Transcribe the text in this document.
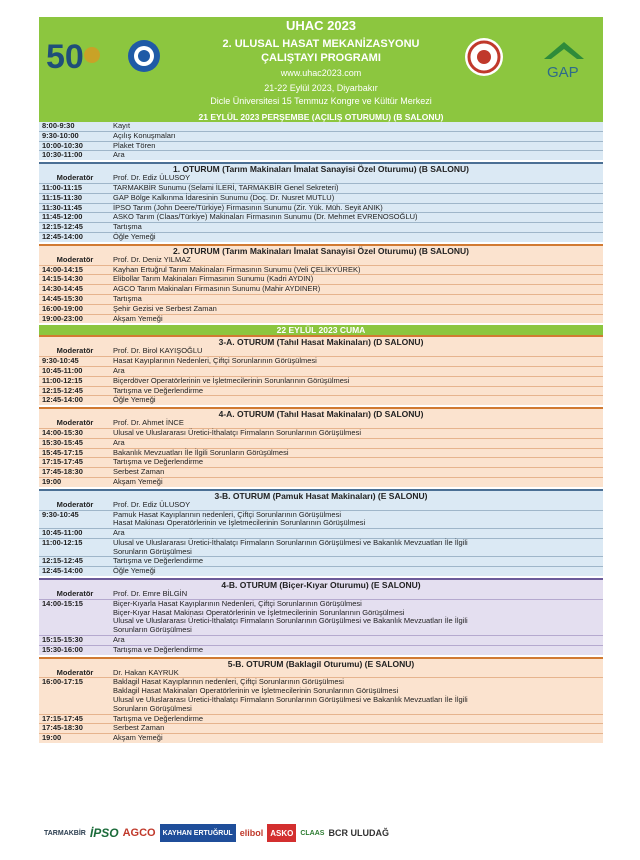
50	GAP
UHAC 2023
2. ULUSAL HASAT MEKANİZASYONU
ÇALIŞTAYI PROGRAMI
www.uhac2023.com
21-22 Eylül 2023, Diyarbakır
Dicle Üniversitesi 15 Temmuz Kongre ve Kültür Merkezi
21 EYLÜL 2023 PERŞEMBE (AÇILIŞ OTURUMU) (B SALONU)
8:00-9:30	Kayıt
9:30-10:00	Açılış Konuşmaları
10:00-10:30	Plaket Tören
10:30-11:00	Ara
1. OTURUM (Tarım Makinaları İmalat Sanayisi Özel Oturumu) (B SALONU)
Moderatör	Prof. Dr. Ediz ÜLUSOY
11:00-11:15	TARMAKBİR Sunumu (Selami İLERİ, TARMAKBİR Genel Sekreteri)
11:15-11:30	GAP Bölge Kalkınma İdaresinin Sunumu (Doç. Dr. Nusret MUTLU)
11:30-11:45	İPSO Tarım (John Deere/Türkiye) Firmasının Sunumu (Zir. Yük. Müh. Seyit ANIK)
11:45-12:00	ASKO Tarım (Claas/Türkiye) Makinaları Firmasının Sunumu (Dr. Mehmet EVRENOSOĞLU)
12:15-12:45	Tartışma
12:45-14:00	Öğle Yemeği
2. OTURUM (Tarım Makinaları İmalat Sanayisi Özel Oturumu) (B SALONU)
Moderatör	Prof. Dr. Deniz YILMAZ
14:00-14:15	Kayhan Ertuğrul Tarım Makinaları Firmasının Sunumu (Veli ÇELİKYÜREK)
14:15-14:30	Elibollar Tarım Makinaları Firmasının Sunumu (Kadri AYDIN)
14:30-14:45	AGCO Tarım Makinaları Firmasının Sunumu (Mahir AYDINER)
14:45-15:30	Tartışma
16:00-19:00	Şehir Gezisi ve Serbest Zaman
19:00-23:00	Akşam Yemeği
22 EYLÜL 2023 CUMA
3-A. OTURUM (Tahıl Hasat Makinaları) (D SALONU)
Moderatör	Prof. Dr. Birol KAYIŞOĞLU
9:30-10:45	Hasat Kayıplarının Nedenleri, Çiftçi Sorunlarının Görüşülmesi
10:45-11:00	Ara
11:00-12:15	Biçerdöver Operatörlerinin ve İşletmecilerinin Sorunlarının Görüşülmesi
12:15-12:45	Tartışma ve Değerlendirme
12:45-14:00	Öğle Yemeği
4-A. OTURUM (Tahıl Hasat Makinaları) (D SALONU)
Moderatör	Prof. Dr. Ahmet İNCE
14:00-15:30	Ulusal ve Uluslararası Üretici-İthalatçı Firmaların Sorunlarının Görüşülmesi
15:30-15:45	Ara
15:45-17:15	Bakanlık Mevzuatları İle İlgili Sorunların Görüşülmesi
17:15-17:45	Tartışma ve Değerlendirme
17:45-18:30	Serbest Zaman
19:00	Akşam Yemeği
3-B. OTURUM (Pamuk Hasat Makinaları) (E SALONU)
Moderatör	Prof. Dr. Ediz ÜLUSOY
9:30-10:45	Pamuk Hasat Kayıplarının nedenleri, Çiftçi Sorunlarının Görüşülmesi
Hasat Makinası Operatörlerinin ve İşletmecilerinin Sorunlarının Görüşülmesi
10:45-11:00	Ara
11:00-12:15	Ulusal ve Uluslararası Üretici-İthalatçı Firmaların Sorunlarının Görüşülmesi ve Bakanlık Mevzuatları İle İlgili
Sorunların Görüşülmesi
12:15-12:45	Tartışma ve Değerlendirme
12:45-14:00	Öğle Yemeği
4-B. OTURUM (Biçer-Kıyar Oturumu) (E SALONU)
Moderatör	Prof. Dr. Emre BİLGİN
14:00-15:15	Biçer-Kıyarla Hasat Kayıplarının Nedenleri, Çiftçi Sorunlarının Görüşülmesi
Biçer-Kıyar Hasat Makinası Operatörlerinin ve İşletmecilerinin Sorunlarının Görüşülmesi
Ulusal ve Uluslararası Üretici-İthalatçı Firmaların Sorunlarının Görüşülmesi ve Bakanlık Mevzuatları İle İlgili
Sorunların Görüşülmesi
15:15-15:30	Ara
15:30-16:00	Tartışma ve Değerlendirme
5-B. OTURUM (Baklagil Oturumu) (E SALONU)
Moderatör	Dr. Hakan KAYRUK
16:00-17:15	Baklagil Hasat Kayıplarının nedenleri, Çiftçi Sorunlarının Görüşülmesi
Baklagil Hasat Makinaları Operatörlerinin ve İşletmecilerinin Sorunlarının Görüşülmesi
Ulusal ve Uluslararası Üretici-İthalatçı Firmaların Sorunlarının Görüşülmesi ve Bakanlık Mevzuatları İle İlgili
Sorunların Görüşülmesi
17:15-17:45	Tartışma ve Değerlendirme
17:45-18:30	Serbest Zaman
19:00	Akşam Yemeği
TARMAKBİR İPSO AGCO	KAYHAN ERTUĞRUL elibol ASKO	CLAAS BCR ULUDAĞ
